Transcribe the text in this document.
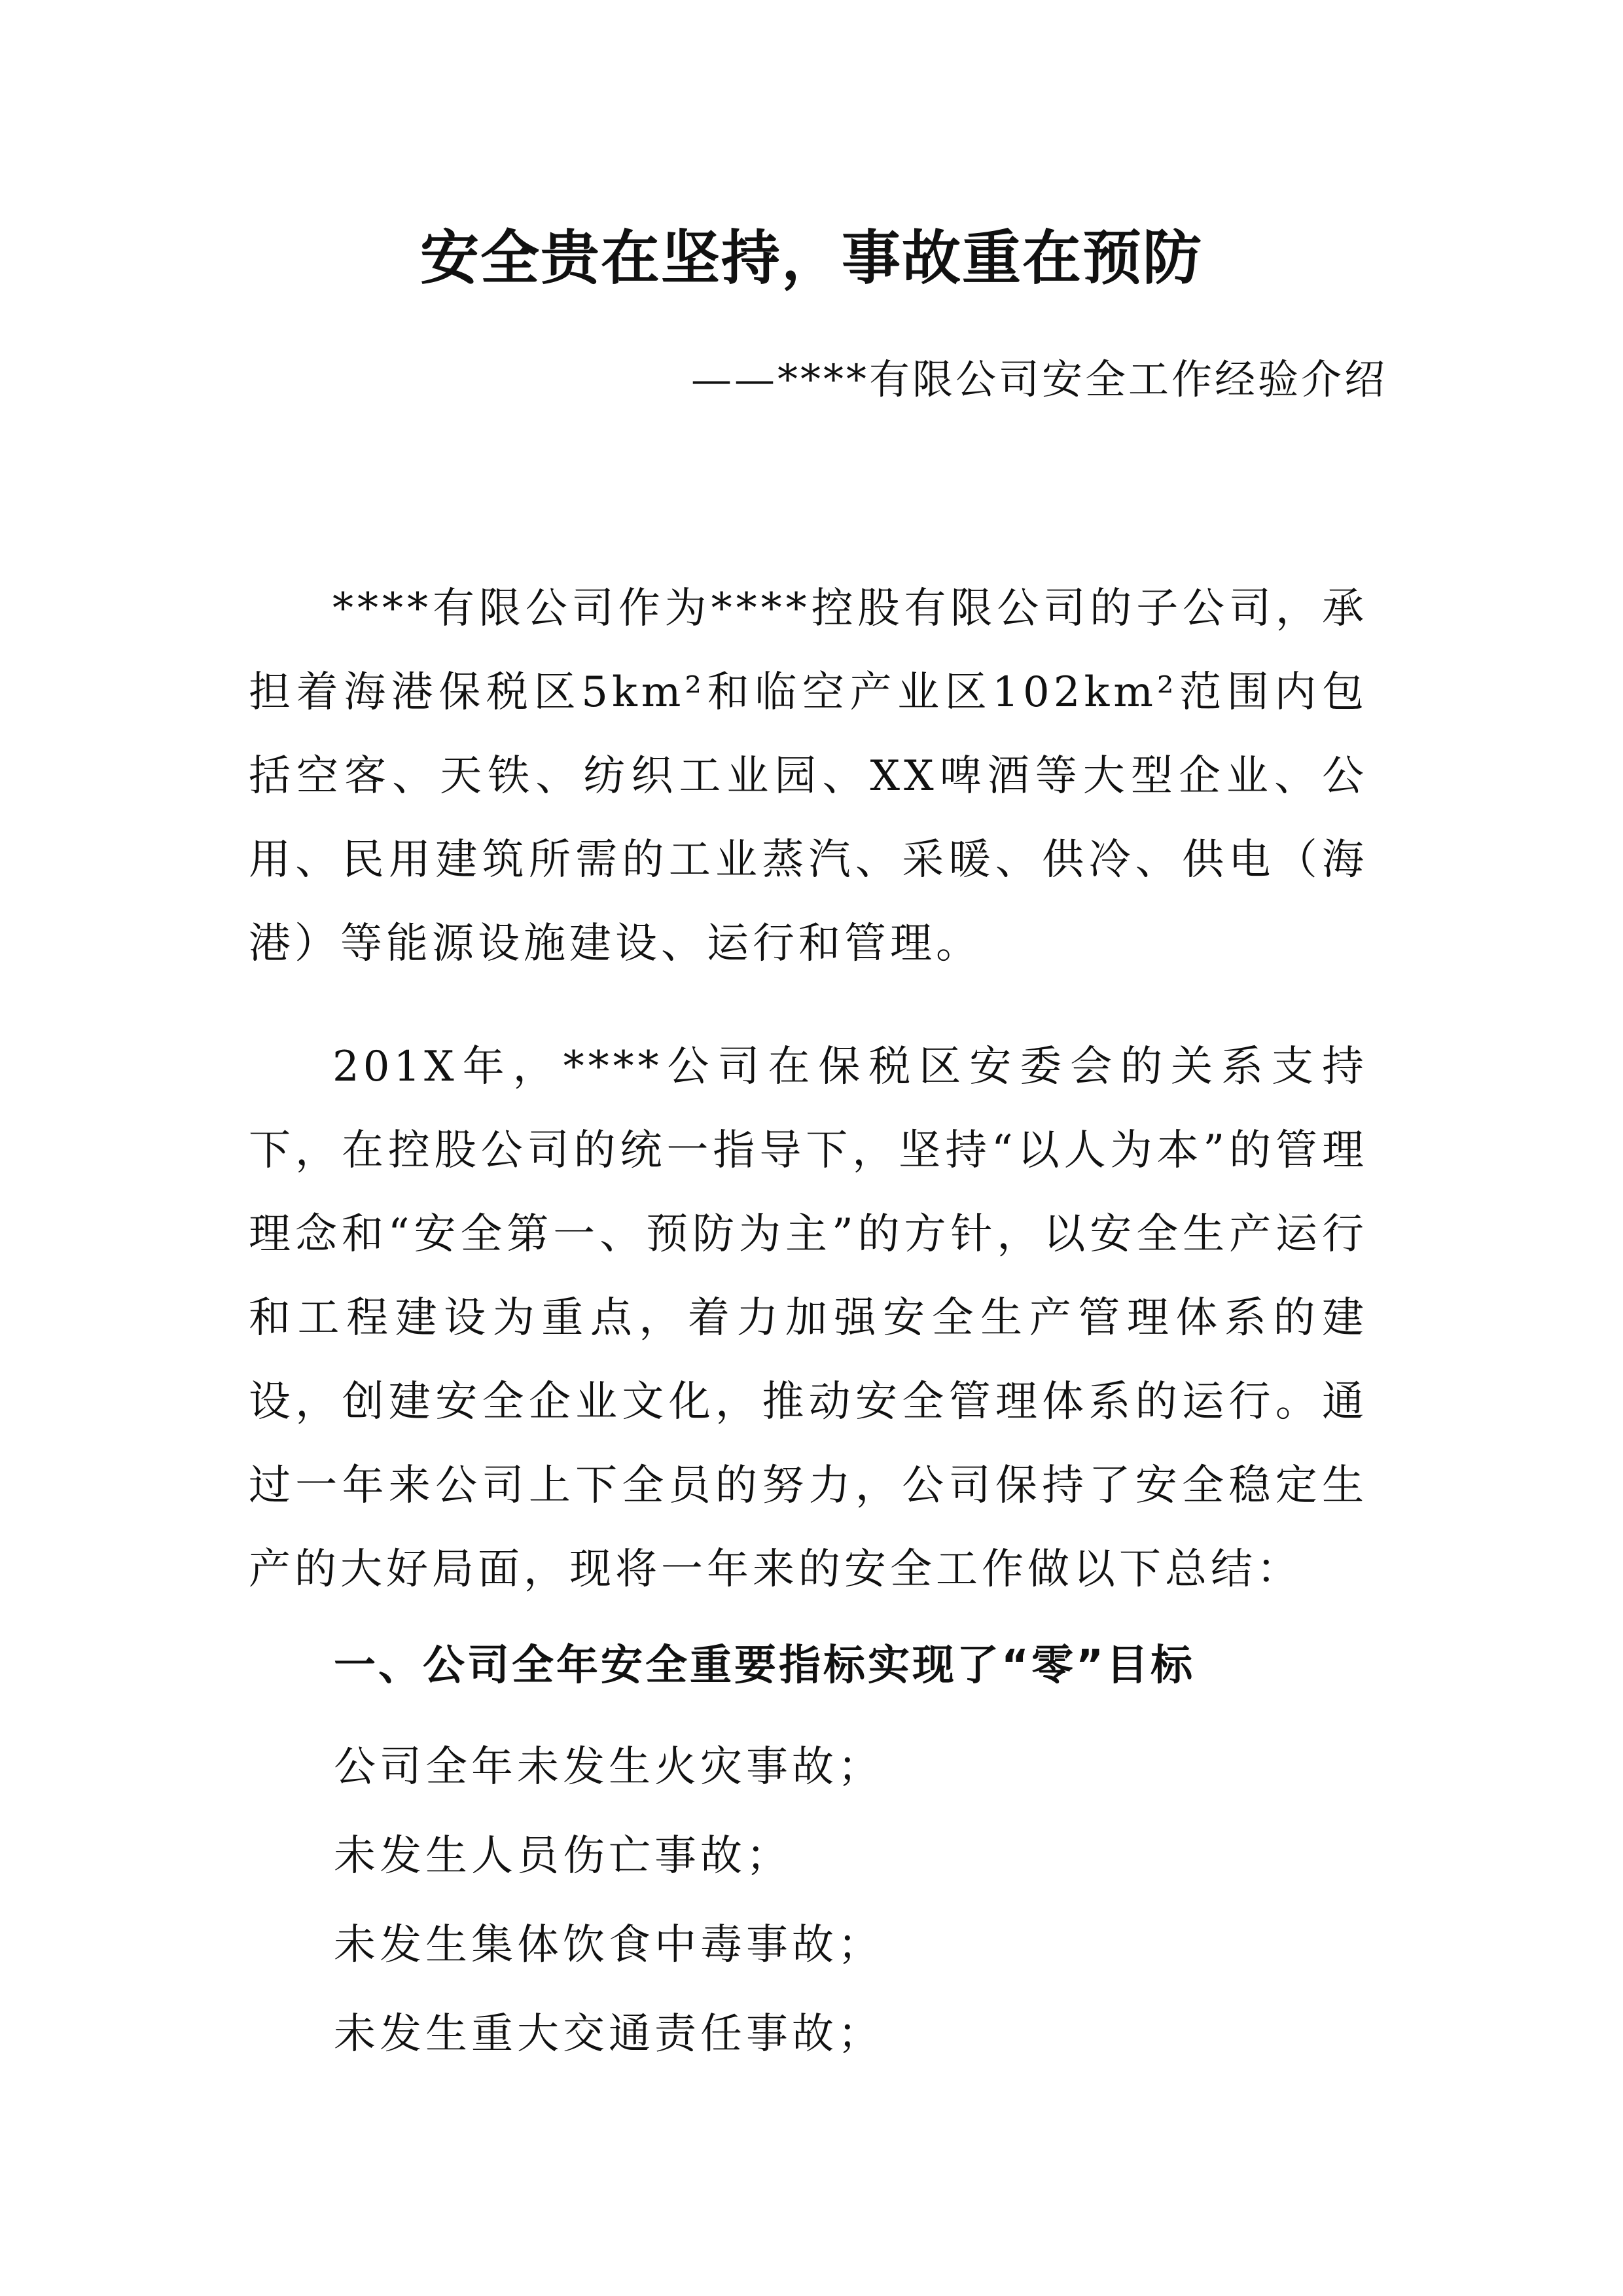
安全贵在坚持，事故重在预防
——****有限公司安全工作经验介绍

****有限公司作为****控股有限公司的子公司，承担着海港保税区5km²和临空产业区102km²范围内包括空客、天铁、纺织工业园、XX啤酒等大型企业、公用、民用建筑所需的工业蒸汽、采暖、供冷、供电（海港）等能源设施建设、运行和管理。

201X年，****公司在保税区安委会的关系支持下，在控股公司的统一指导下，坚持“以人为本”的管理理念和“安全第一、预防为主”的方针，以安全生产运行和工程建设为重点，着力加强安全生产管理体系的建设，创建安全企业文化，推动安全管理体系的运行。通过一年来公司上下全员的努力，公司保持了安全稳定生产的大好局面，现将一年来的安全工作做以下总结：

一、公司全年安全重要指标实现了“零”目标
公司全年未发生火灾事故；
未发生人员伤亡事故；
未发生集体饮食中毒事故；
未发生重大交通责任事故；
